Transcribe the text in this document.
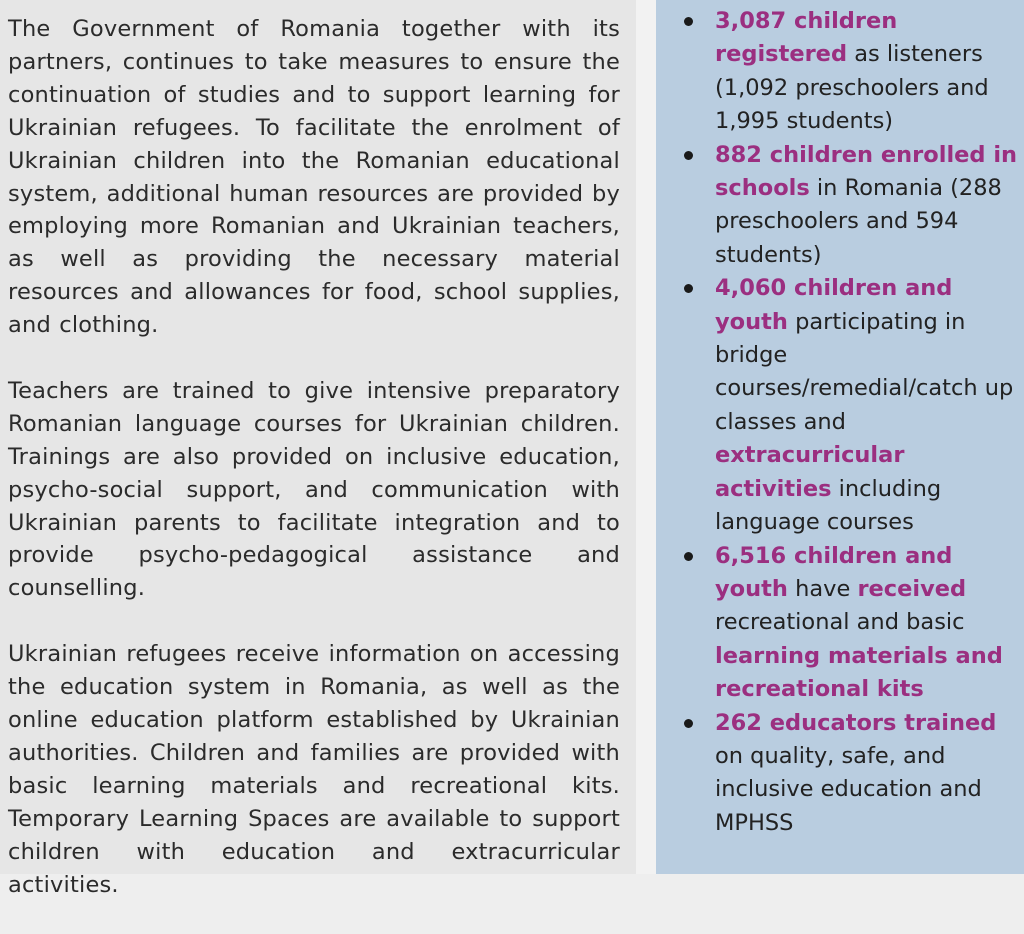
The Government of Romania together with its partners, continues to take measures to ensure the continuation of studies and to support learning for Ukrainian refugees. To facilitate the enrolment of Ukrainian children into the Romanian educational system, additional human resources are provided by employing more Romanian and Ukrainian teachers, as well as providing the necessary material resources and allowances for food, school supplies, and clothing.

Teachers are trained to give intensive preparatory Romanian language courses for Ukrainian children. Trainings are also provided on inclusive education, psycho-social support, and communication with Ukrainian parents to facilitate integration and to provide psycho-pedagogical assistance and counselling.

Ukrainian refugees receive information on accessing the education system in Romania, as well as the online education platform established by Ukrainian authorities. Children and families are provided with basic learning materials and recreational kits. Temporary Learning Spaces are available to support children with education and extracurricular activities.

3,087 children registered as listeners (1,092 preschoolers and 1,995 students)
882 children enrolled in schools in Romania (288 preschoolers and 594 students)
4,060 children and youth participating in bridge courses/remedial/catch up classes and extracurricular activities including language courses
6,516 children and youth have received recreational and basic learning materials and recreational kits
262 educators trained on quality, safe, and inclusive education and MPHSS
